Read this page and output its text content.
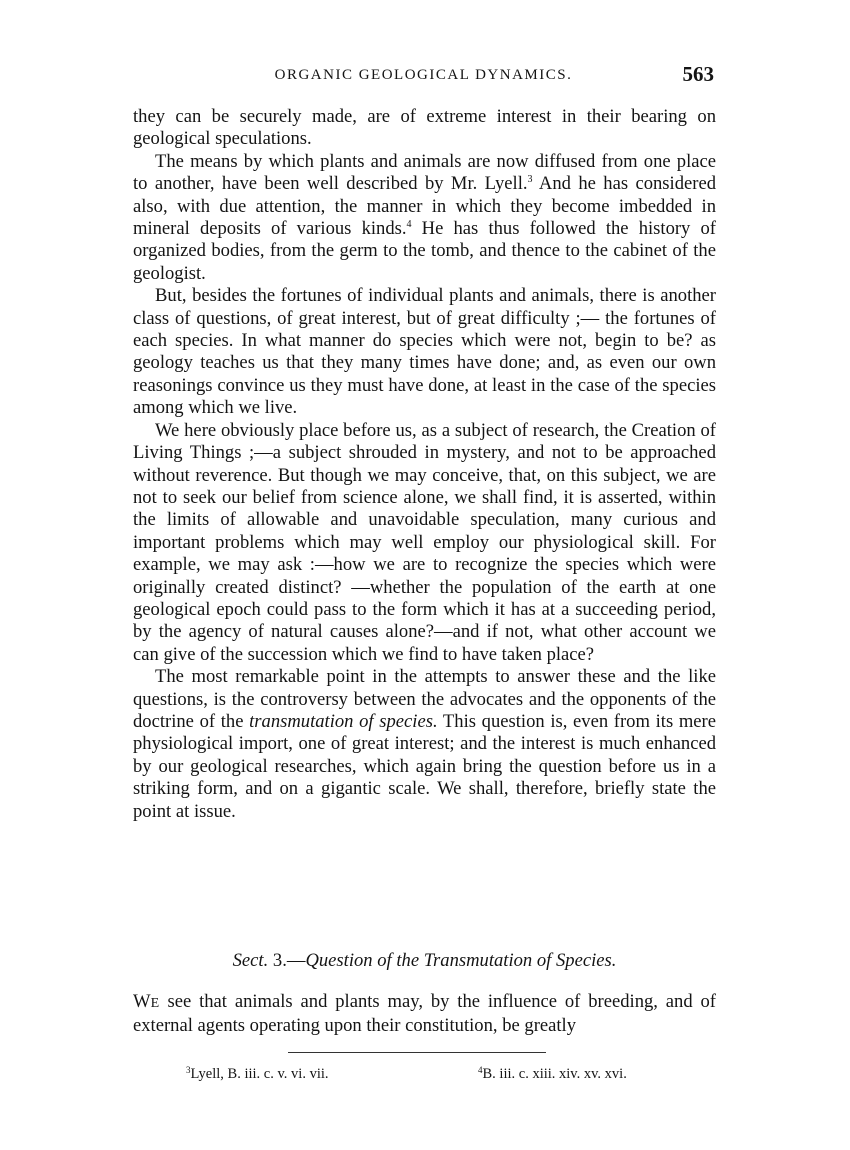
ORGANIC GEOLOGICAL DYNAMICS.	563

they can be securely made, are of extreme interest in their bearing on geological speculations.

The means by which plants and animals are now diffused from one place to another, have been well described by Mr. Lyell.$^3$ And he has considered also, with due attention, the manner in which they become imbedded in mineral deposits of various kinds.$^4$ He has thus followed the history of organized bodies, from the germ to the tomb, and thence to the cabinet of the geologist.

But, besides the fortunes of individual plants and animals, there is another class of questions, of great interest, but of great difficulty ;— the fortunes of each species. In what manner do species which were not, begin to be? as geology teaches us that they many times have done; and, as even our own reasonings convince us they must have done, at least in the case of the species among which we live.

We here obviously place before us, as a subject of research, the Creation of Living Things ;—a subject shrouded in mystery, and not to be approached without reverence. But though we may conceive, that, on this subject, we are not to seek our belief from science alone, we shall find, it is asserted, within the limits of allowable and unavoidable speculation, many curious and important problems which may well employ our physiological skill. For example, we may ask :—how we are to recognize the species which were originally created distinct? —whether the population of the earth at one geological epoch could pass to the form which it has at a succeeding period, by the agency of natural causes alone?—and if not, what other account we can give of the succession which we find to have taken place?

The most remarkable point in the attempts to answer these and the like questions, is the controversy between the advocates and the opponents of the doctrine of the transmutation of species. This question is, even from its mere physiological import, one of great interest; and the interest is much enhanced by our geological researches, which again bring the question before us in a striking form, and on a gigantic scale. We shall, therefore, briefly state the point at issue.

Sect. 3.—Question of the Transmutation of Species.

WE see that animals and plants may, by the influence of breeding, and of external agents operating upon their constitution, be greatly

$^3$Lyell, B. iii. c. v. vi. vii.	$^4$B. iii. c. xiii. xiv. xv. xvi.
